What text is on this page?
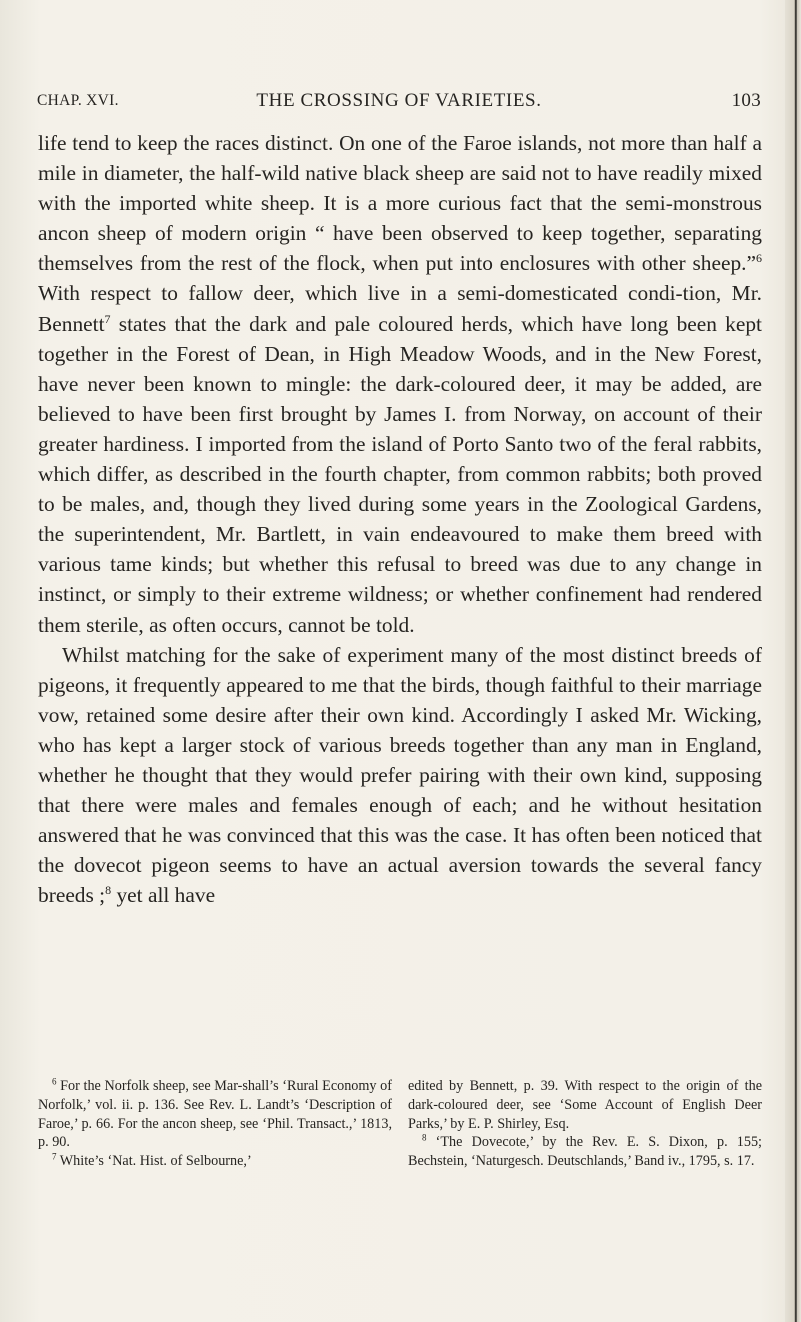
CHAP. XVI.	THE CROSSING OF VARIETIES.	103

life tend to keep the races distinct. On one of the Faroe islands, not more than half a mile in diameter, the half-wild native black sheep are said not to have readily mixed with the imported white sheep. It is a more curious fact that the semi-monstrous ancon sheep of modern origin “ have been observed to keep together, separating themselves from the rest of the flock, when put into enclosures with other sheep.”$^6$ With respect to fallow deer, which live in a semi-domesticated condi-tion, Mr. Bennett$^7$ states that the dark and pale coloured herds, which have long been kept together in the Forest of Dean, in High Meadow Woods, and in the New Forest, have never been known to mingle: the dark-coloured deer, it may be added, are believed to have been first brought by James I. from Norway, on account of their greater hardiness. I imported from the island of Porto Santo two of the feral rabbits, which differ, as described in the fourth chapter, from common rabbits; both proved to be males, and, though they lived during some years in the Zoological Gardens, the superintendent, Mr. Bartlett, in vain endeavoured to make them breed with various tame kinds; but whether this refusal to breed was due to any change in instinct, or simply to their extreme wildness; or whether confinement had rendered them sterile, as often occurs, cannot be told.

Whilst matching for the sake of experiment many of the most distinct breeds of pigeons, it frequently appeared to me that the birds, though faithful to their marriage vow, retained some desire after their own kind. Accordingly I asked Mr. Wicking, who has kept a larger stock of various breeds together than any man in England, whether he thought that they would prefer pairing with their own kind, supposing that there were males and females enough of each; and he without hesitation answered that he was convinced that this was the case. It has often been noticed that the dovecot pigeon seems to have an actual aversion towards the several fancy breeds ;$^8$ yet all have

$^6$ For the Norfolk sheep, see Mar-shall’s ‘Rural Economy of Norfolk,’ vol. ii. p. 136. See Rev. L. Landt’s ‘Description of Faroe,’ p. 66. For the ancon sheep, see ‘Phil. Transact.,’ 1813, p. 90.

$^7$ White’s ‘Nat. Hist. of Selbourne,’

edited by Bennett, p. 39. With respect to the origin of the dark-coloured deer, see ‘Some Account of English Deer Parks,’ by E. P. Shirley, Esq.

$^8$ ‘The Dovecote,’ by the Rev. E. S. Dixon, p. 155; Bechstein, ‘Naturgesch. Deutschlands,’ Band iv., 1795, s. 17.
